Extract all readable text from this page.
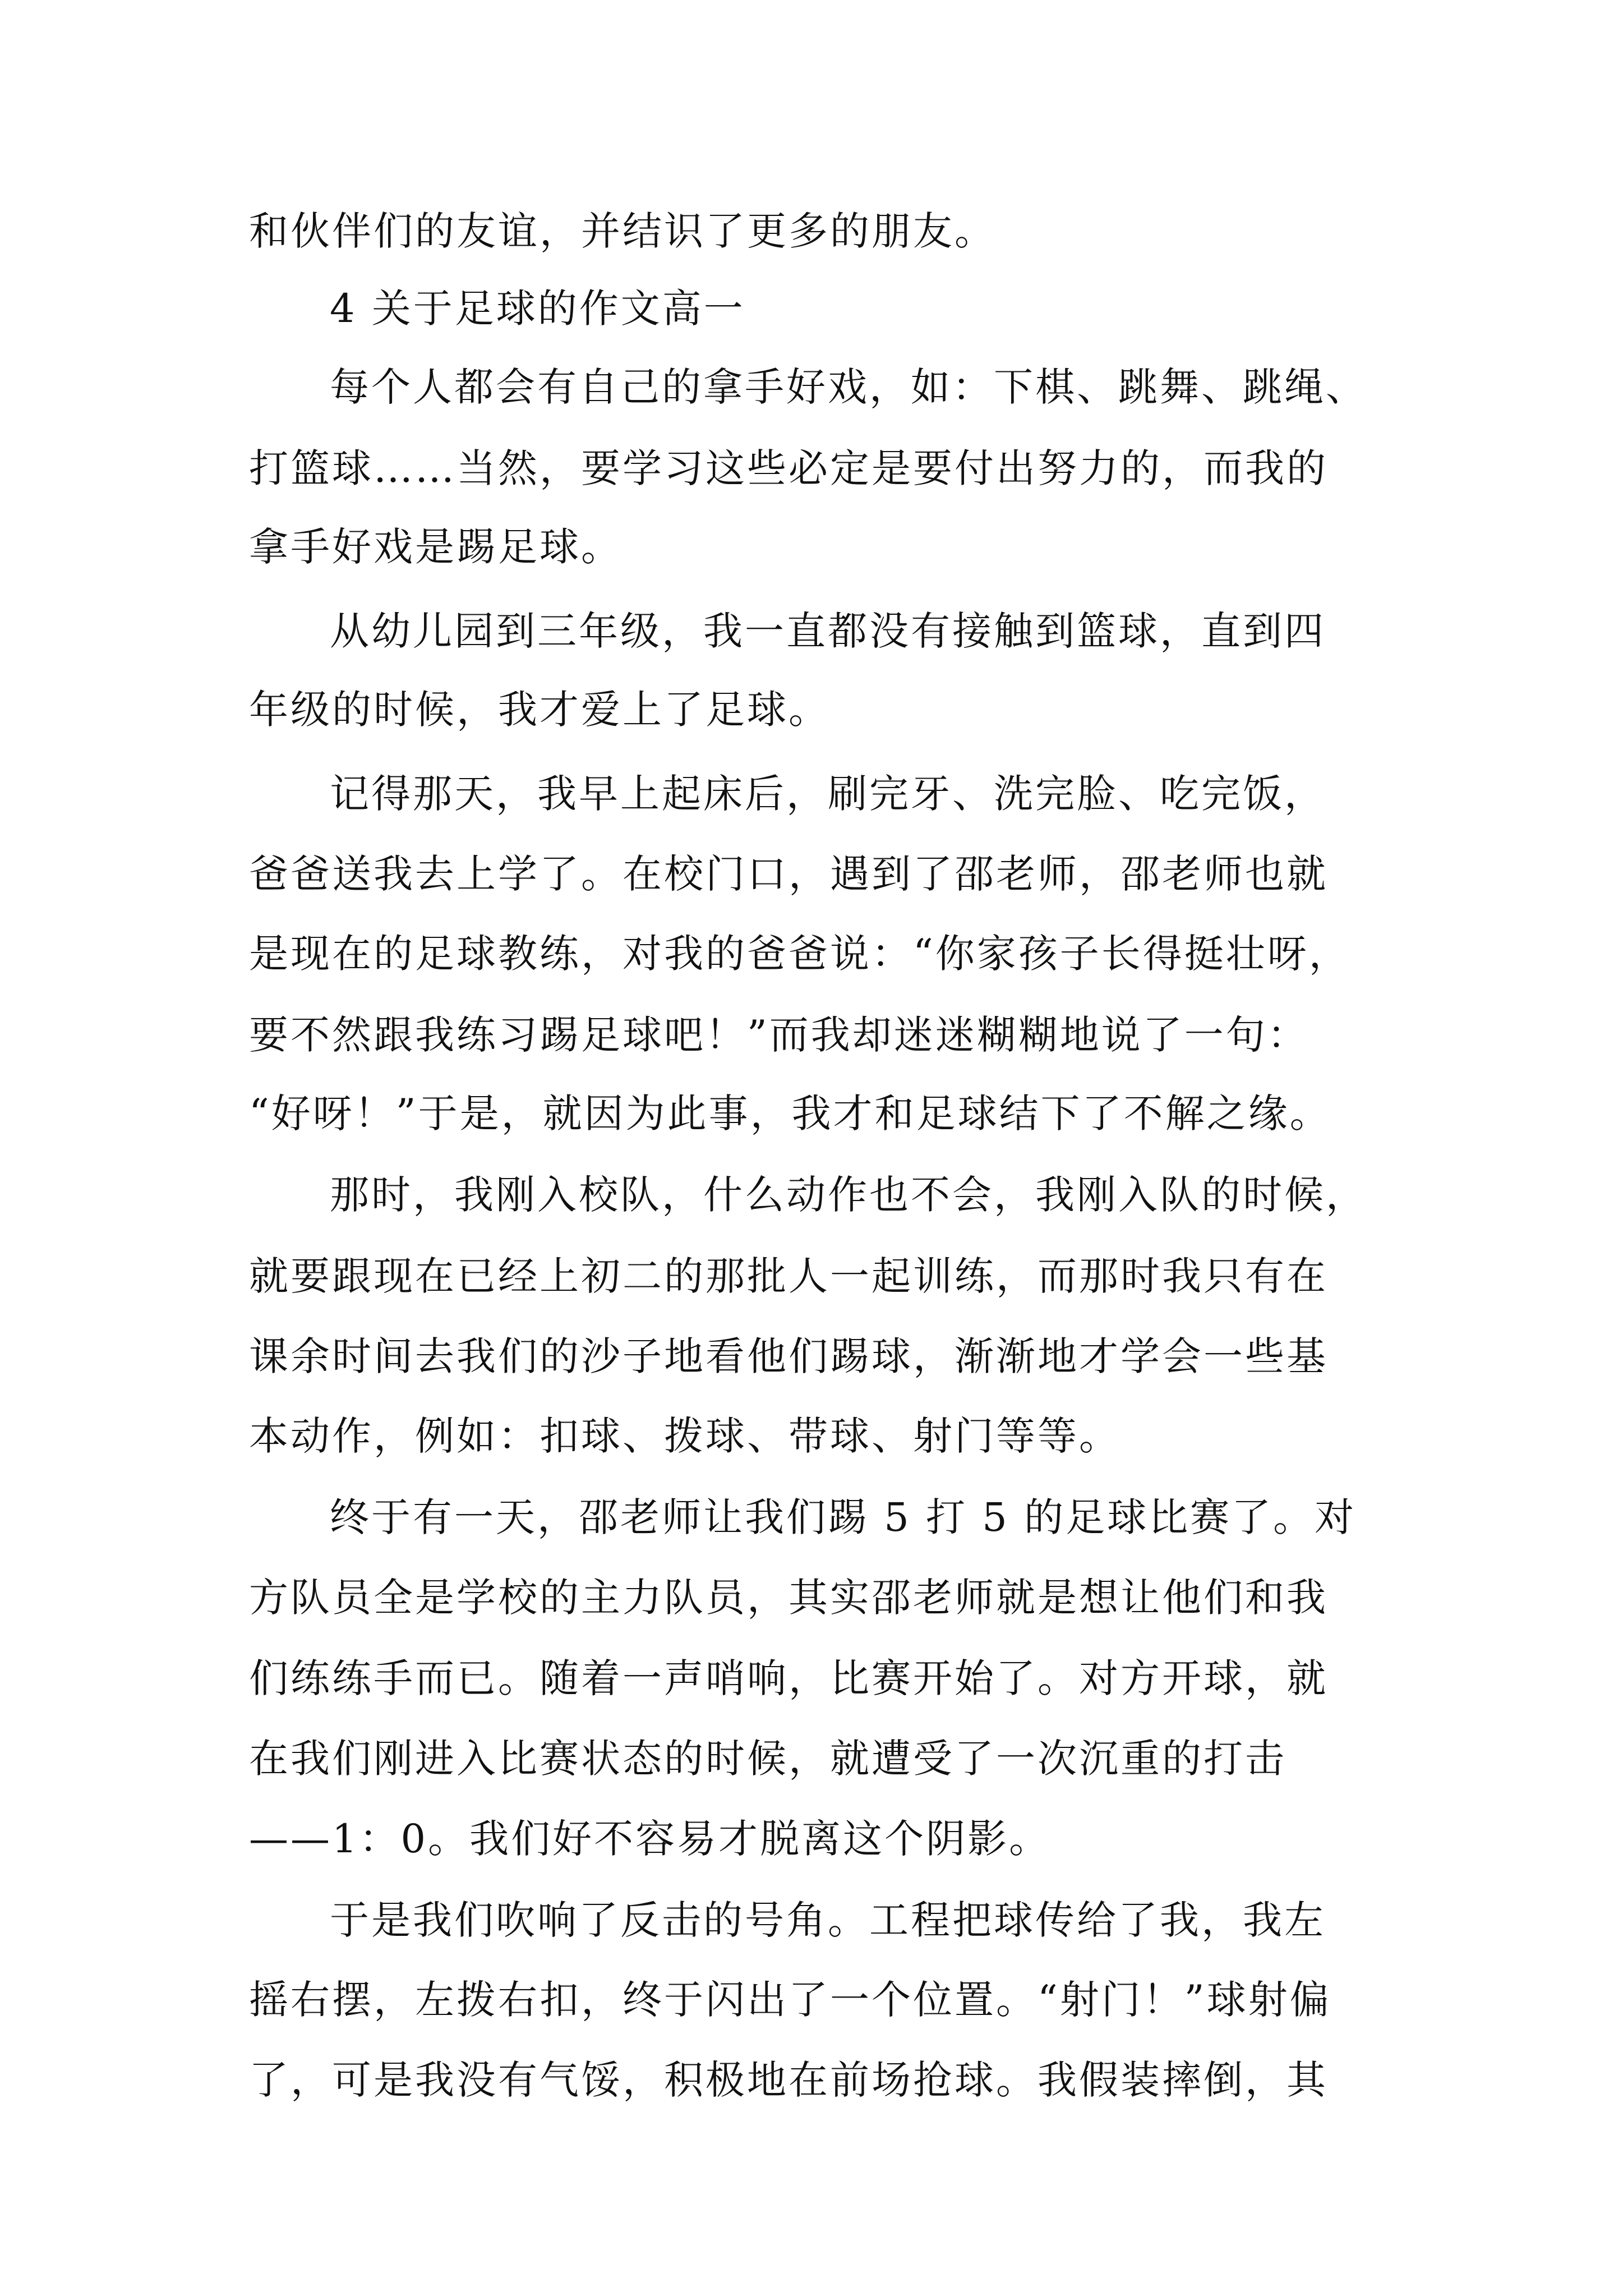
和伙伴们的友谊，并结识了更多的朋友。
4 关于足球的作文高一
每个人都会有自己的拿手好戏，如：下棋、跳舞、跳绳、
打篮球……当然，要学习这些必定是要付出努力的，而我的
拿手好戏是踢足球。
从幼儿园到三年级，我一直都没有接触到篮球，直到四
年级的时候，我才爱上了足球。
记得那天，我早上起床后，刷完牙、洗完脸、吃完饭，
爸爸送我去上学了。在校门口，遇到了邵老师，邵老师也就
是现在的足球教练，对我的爸爸说：“你家孩子长得挺壮呀，
要不然跟我练习踢足球吧！”而我却迷迷糊糊地说了一句：
“好呀！”于是，就因为此事，我才和足球结下了不解之缘。
那时，我刚入校队，什么动作也不会，我刚入队的时候，
就要跟现在已经上初二的那批人一起训练，而那时我只有在
课余时间去我们的沙子地看他们踢球，渐渐地才学会一些基
本动作，例如：扣球、拨球、带球、射门等等。
终于有一天，邵老师让我们踢 5 打 5 的足球比赛了。对
方队员全是学校的主力队员，其实邵老师就是想让他们和我
们练练手而已。随着一声哨响，比赛开始了。对方开球，就
在我们刚进入比赛状态的时候，就遭受了一次沉重的打击
——1：0。我们好不容易才脱离这个阴影。
于是我们吹响了反击的号角。工程把球传给了我，我左
摇右摆，左拨右扣，终于闪出了一个位置。“射门！”球射偏
了，可是我没有气馁，积极地在前场抢球。我假装摔倒，其
